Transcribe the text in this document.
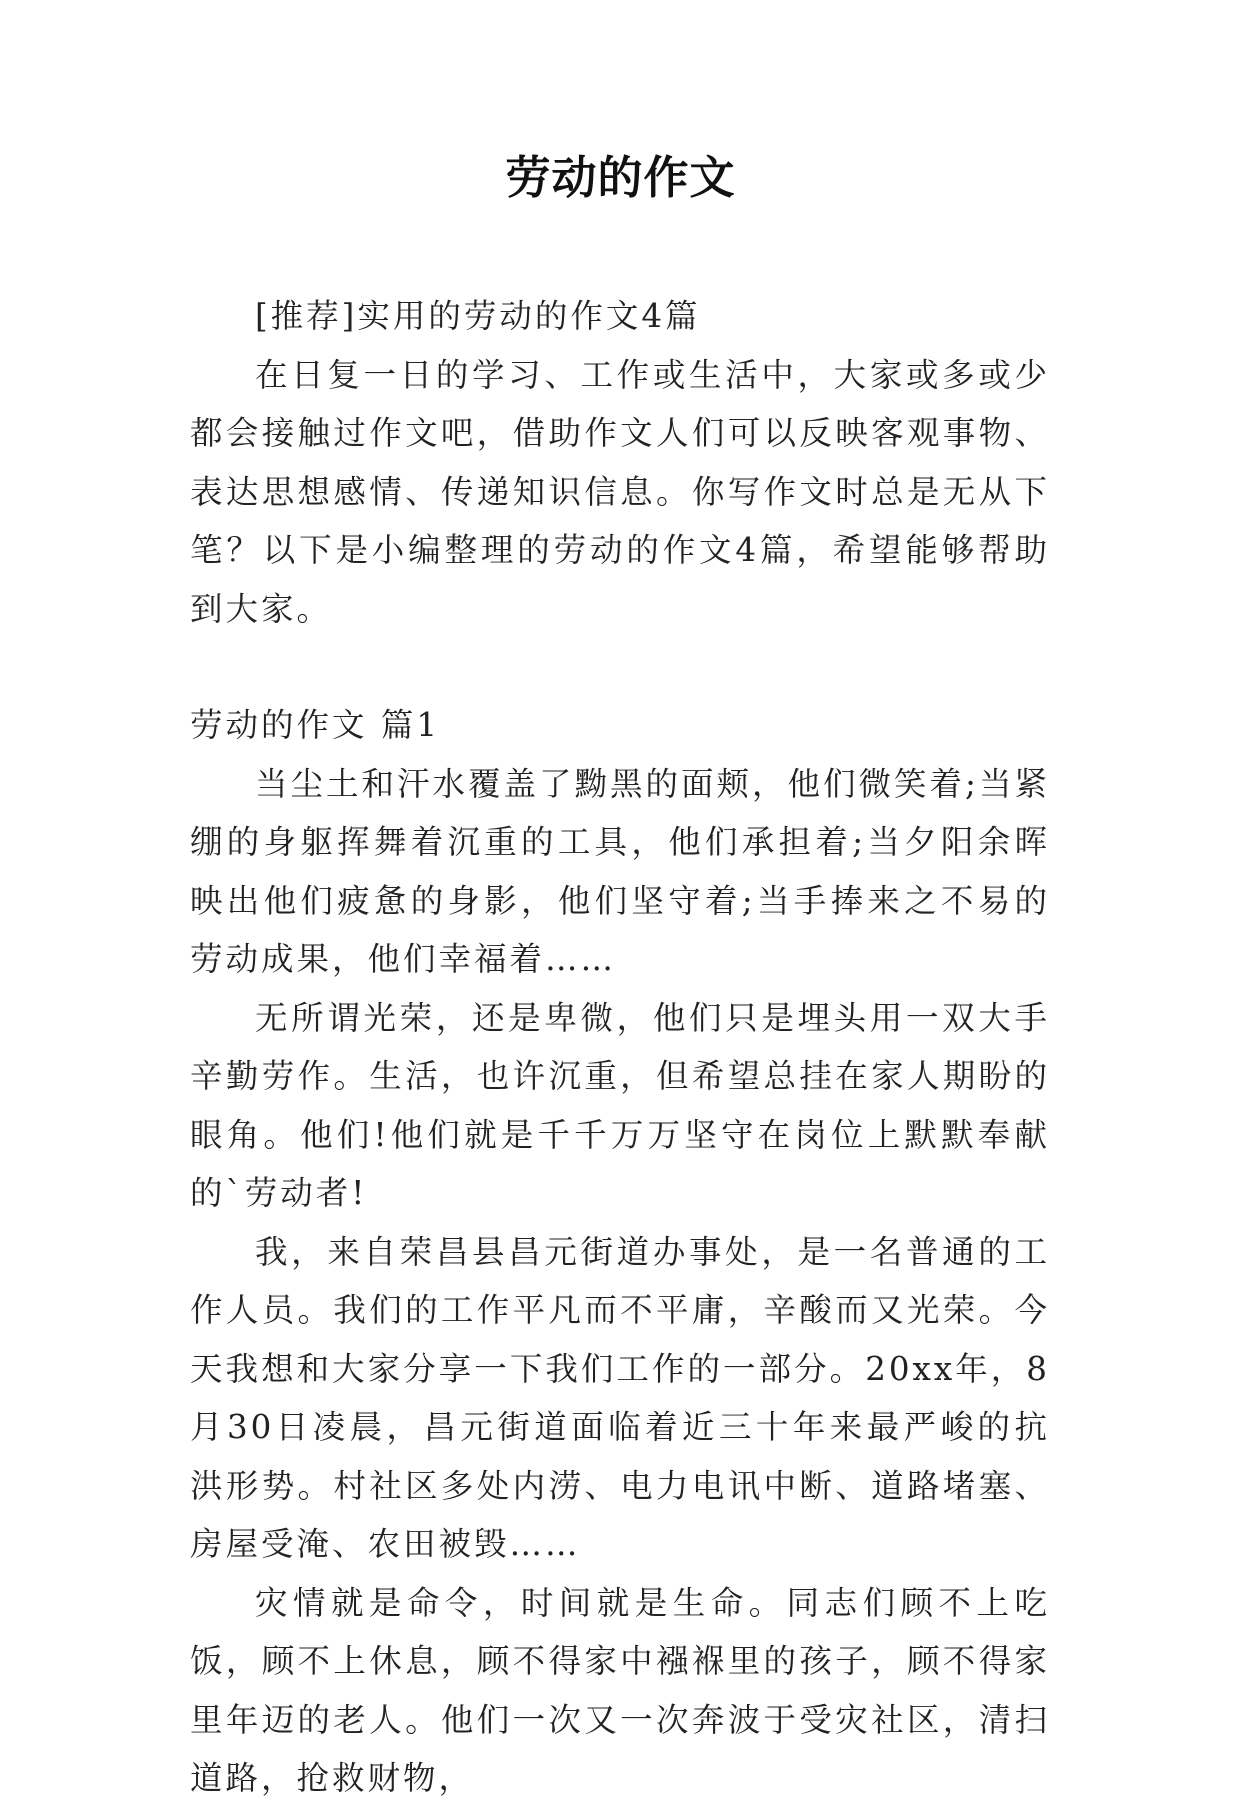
劳动的作文

[推荐]实用的劳动的作文4篇

在日复一日的学习、工作或生活中，大家或多或少都会接触过作文吧，借助作文人们可以反映客观事物、表达思想感情、传递知识信息。你写作文时总是无从下笔？以下是小编整理的劳动的作文4篇，希望能够帮助到大家。

劳动的作文 篇1

当尘土和汗水覆盖了黝黑的面颊，他们微笑着;当紧绷的身躯挥舞着沉重的工具，他们承担着;当夕阳余晖映出他们疲惫的身影，他们坚守着;当手捧来之不易的劳动成果，他们幸福着……

无所谓光荣，还是卑微，他们只是埋头用一双大手辛勤劳作。生活，也许沉重，但希望总挂在家人期盼的眼角。他们!他们就是千千万万坚守在岗位上默默奉献的`劳动者!

我，来自荣昌县昌元街道办事处，是一名普通的工作人员。我们的工作平凡而不平庸，辛酸而又光荣。今天我想和大家分享一下我们工作的一部分。20xx年，8月30日凌晨，昌元街道面临着近三十年来最严峻的抗洪形势。村社区多处内涝、电力电讯中断、道路堵塞、房屋受淹、农田被毁……

灾情就是命令，时间就是生命。同志们顾不上吃饭，顾不上休息，顾不得家中襁褓里的孩子，顾不得家里年迈的老人。他们一次又一次奔波于受灾社区，清扫道路，抢救财物，
